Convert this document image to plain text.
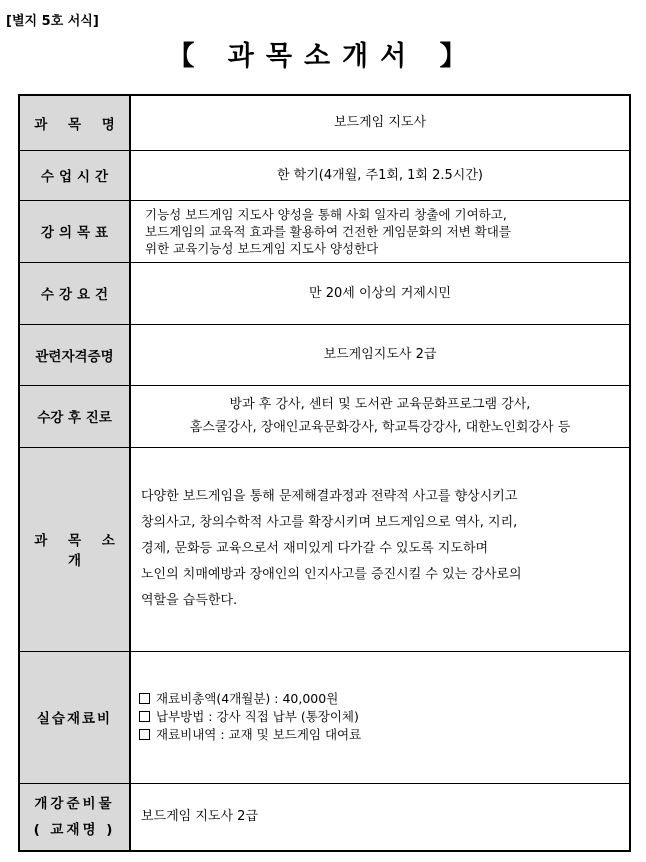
[별지 5호 서식]
【 과목소개서 】
과 목 명	보드게임 지도사
수업시간	한 학기(4개월, 주1회, 1회 2.5시간)
강의목표	기능성 보드게임 지도사 양성을 통해 사회 일자리 창출에 기여하고,
보드게임의 교육적 효과를 활용하여 건전한 게임문화의 저변 확대를
위한 교육기능성 보드게임 지도사 양성한다

수강요건	만 20세 이상의 거제시민
관련자격증명	보드게임지도사 2급
수강 후 진로	방과 후 강사, 센터 및 도서관 교육문화프로그램 강사,
홈스쿨강사, 장애인교육문화강사, 학교특강강사, 대한노인회강사 등

과 목 소 개	다양한 보드게임을 통해 문제해결과정과 전략적 사고를 향상시키고
창의사고, 창의수학적 사고를 확장시키며 보드게임으로 역사, 지리,
경제, 문화등 교육으로서 재미있게 다가갈 수 있도록 지도하며
노인의 치매예방과 장애인의 인지사고를 증진시킬 수 있는 강사로의
역할을 습득한다.

실습재료비	재료비총액(4개월분) : 40,000원
납부방법 : 강사 직접 납부 (통장이체)
재료비내역 : 교재 및 보드게임 대여료

개강준비물
( 교재명 )	보드게임 지도사 2급
